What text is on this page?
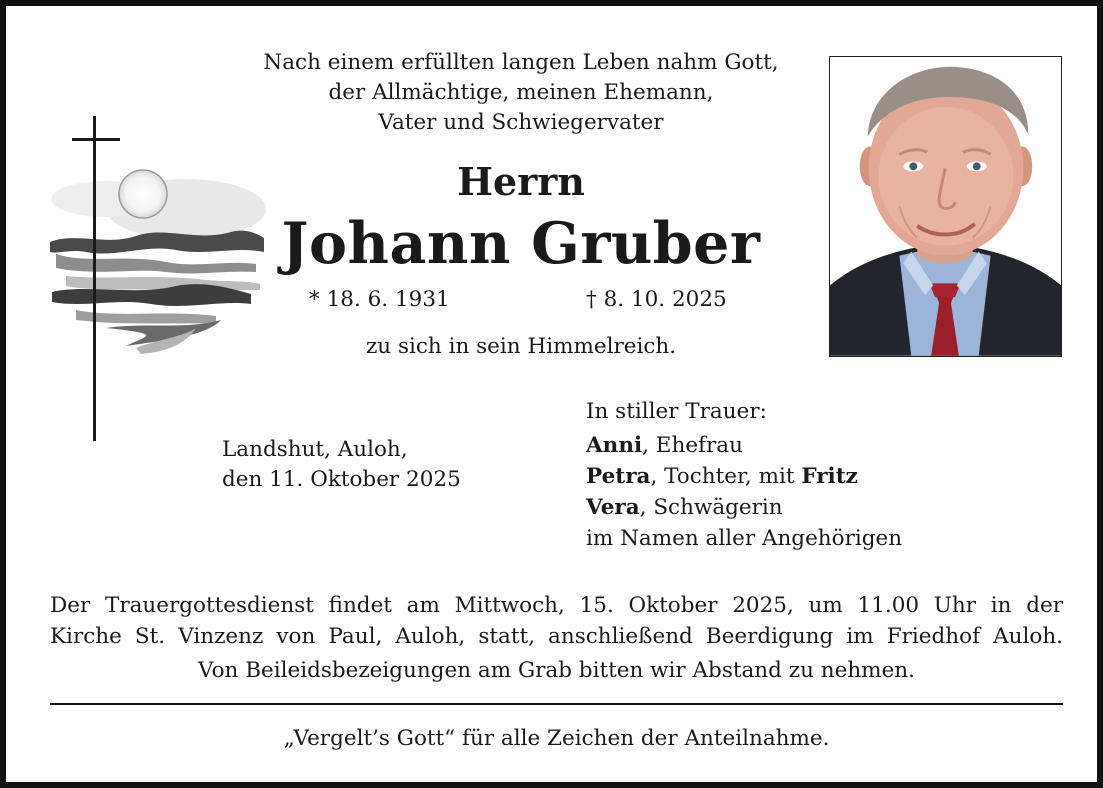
Nach einem erfüllten langen Leben nahm Gott,
der Allmächtige, meinen Ehemann,
Vater und Schwiegervater
Herrn
Johann Gruber
* 18. 6. 1931	† 8. 10. 2025
zu sich in sein Himmelreich.
Landshut, Auloh,
den 11. Oktober 2025
In stiller Trauer:
Anni, Ehefrau
Petra, Tochter, mit Fritz
Vera, Schwägerin
im Namen aller Angehörigen
Der Trauergottesdienst findet am Mittwoch, 15. Oktober 2025, um 11.00 Uhr in der
Kirche St. Vinzenz von Paul, Auloh, statt, anschließend Beerdigung im Friedhof Auloh.
Von Beileidsbezeigungen am Grab bitten wir Abstand zu nehmen.
„Vergelt’s Gott“ für alle Zeichen der Anteilnahme.
